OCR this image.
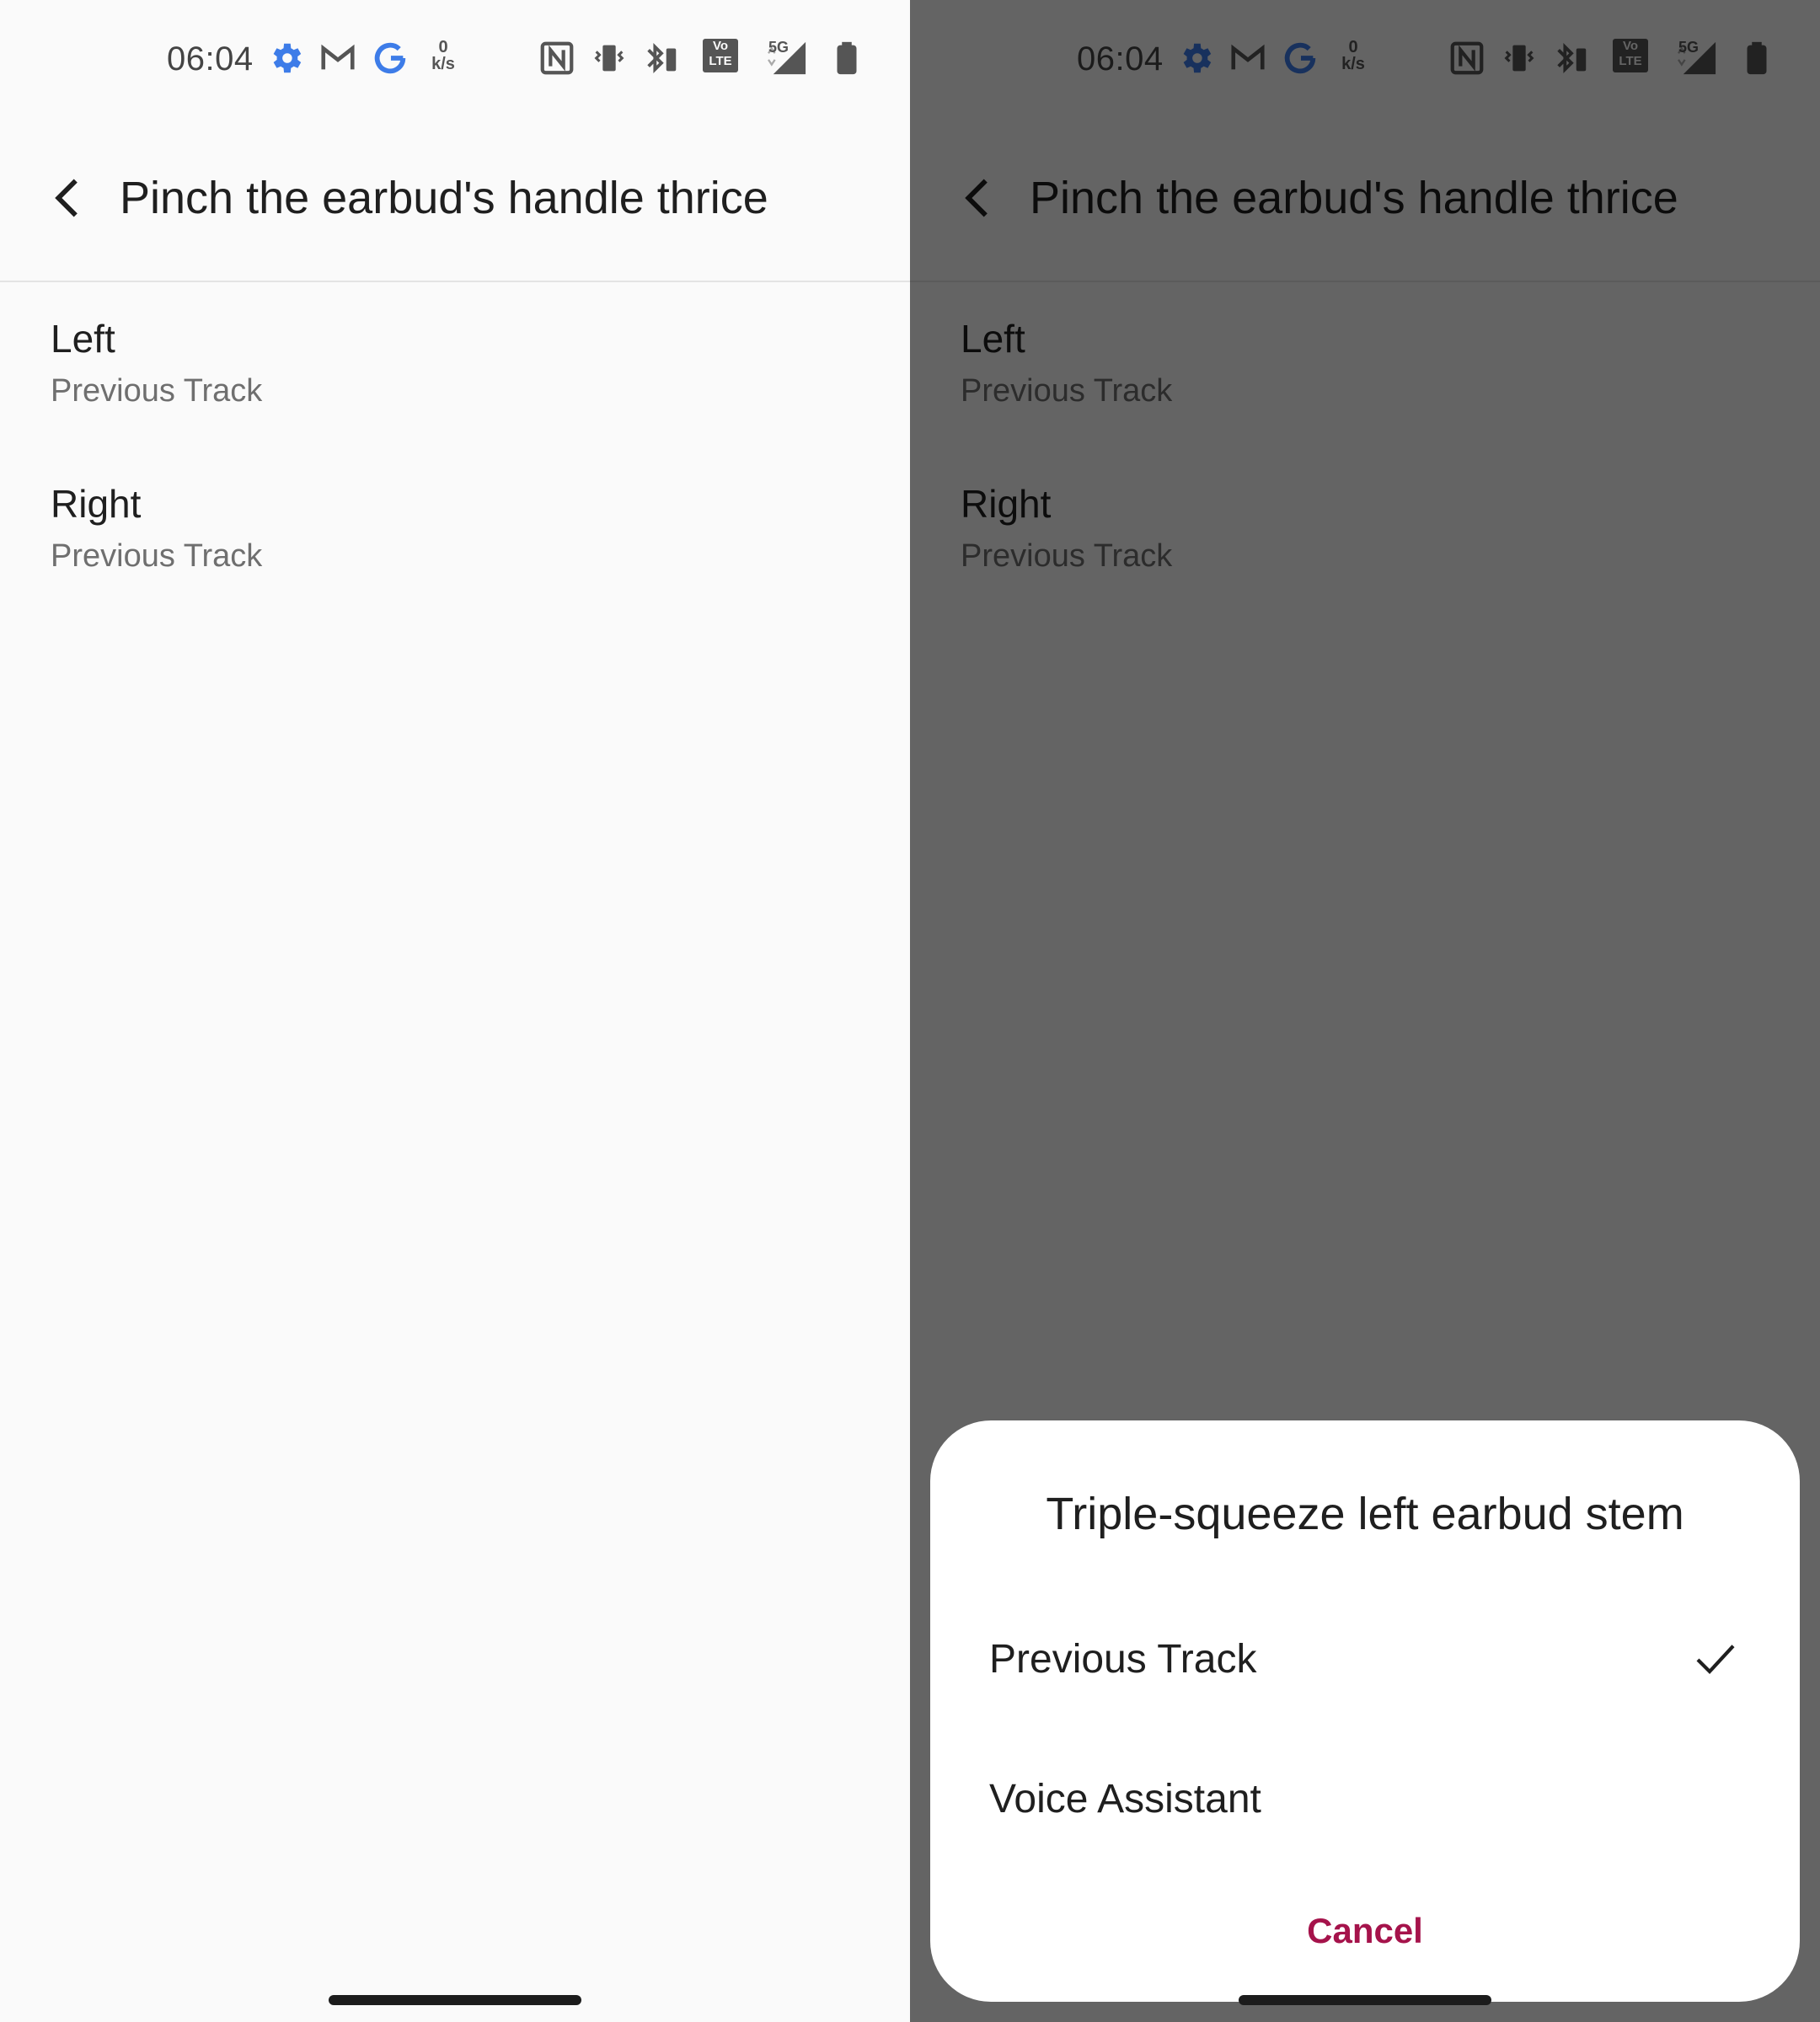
06:04	0
k/s
Vo
LTE
5G
Pinch the earbud's handle thrice
Left
Previous Track
Right
Previous Track
Triple-squeeze left earbud stem
Previous Track
Voice Assistant
Cancel
